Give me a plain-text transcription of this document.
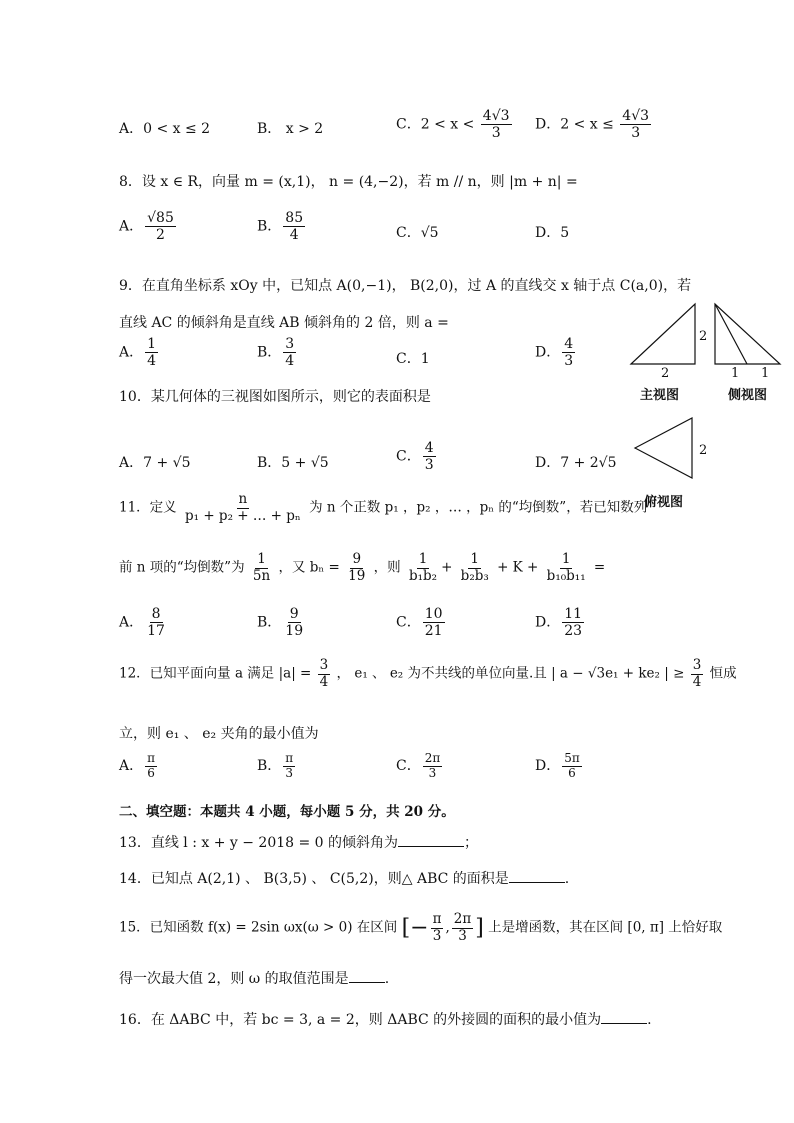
A．0 < x ≤ 2	B． x > 2	C．$2 < x < \frac{4√3}{3}$ D．$2 < x \le \frac{4√3}{3}$
8．设 x ∈ R，向量 m = (x,1)， n = (4,−2)，若 m // n，则 |m + n| =
A． $\frac{√85}{2}$	B． $\frac{85}{4}$	C．√5	D．5
9．在直角坐标系 xOy 中，已知点 A(0,−1)， B(2,0)，过 A 的直线交 x 轴于点 C(a,0)，若
直线 AC 的倾斜角是直线 AB 倾斜角的 2 倍，则 a =
A． $\frac{1}{4}$	B． $\frac{3}{4}$	C．1	D． $\frac{4}{3}$	2
2	1 1
主视图	侧视图
2
俯视图
10．某几何体的三视图如图所示，则它的表面积是
A．7 + √5	B．5 + √5	C． $\frac{4}{3}$	D．7 + 2√5
11．定义 $\frac{n}{\text{p₁ + p₂ + … + pₙ}}$ 为 n 个正数 p₁ ，p₂ ，… ，pₙ 的“均倒数”，若已知数列
前 n 项的“均倒数”为 $\frac{1}{5n}$ ，又 $b_n = \frac{9}{19}$ ，则 $\frac{1}{\text{b₁b₂}} + \frac{1}{\text{b₂b₃}} + K + \frac{1}{\text{b₁₀b₁₁}}$ =
A． $\frac{8}{17}$	B． $\frac{9}{19}$	C． $\frac{10}{21}$	D． $\frac{11}{23}$
12．已知平面向量 a 满足 $|a| = \frac{3}{4}$ ， e₁ 、 e₂ 为不共线的单位向量.且 | a − √3e₁ + ke₂ | ≥ $\frac{3}{4}$ 恒成
立，则 e₁ 、 e₂ 夹角的最小值为
A． $\frac{\pi}{6}$	B． $\frac{\pi}{3}$	C． $\frac{2\pi}{3}$	D． $\frac{5\pi}{6}$
二、填空题：本题共 4 小题，每小题 5 分，共 20 分。
13．直线 l : x + y − 2018 = 0 的倾斜角为	；
14．已知点 A(2,1) 、 B(3,5) 、 C(5,2)，则△ ABC 的面积是	.
15．已知函数 f(x) = 2sin ωx(ω > 0) 在区间 [− $\frac{\pi}{3}$ , $\frac{2\pi}{3}$ ] 上是增函数，其在区间 [0, π] 上恰好取
得一次最大值 2，则 ω 的取值范围是	.
16．在 ΔABC 中，若 bc = 3, a = 2，则 ΔABC 的外接圆的面积的最小值为	.
